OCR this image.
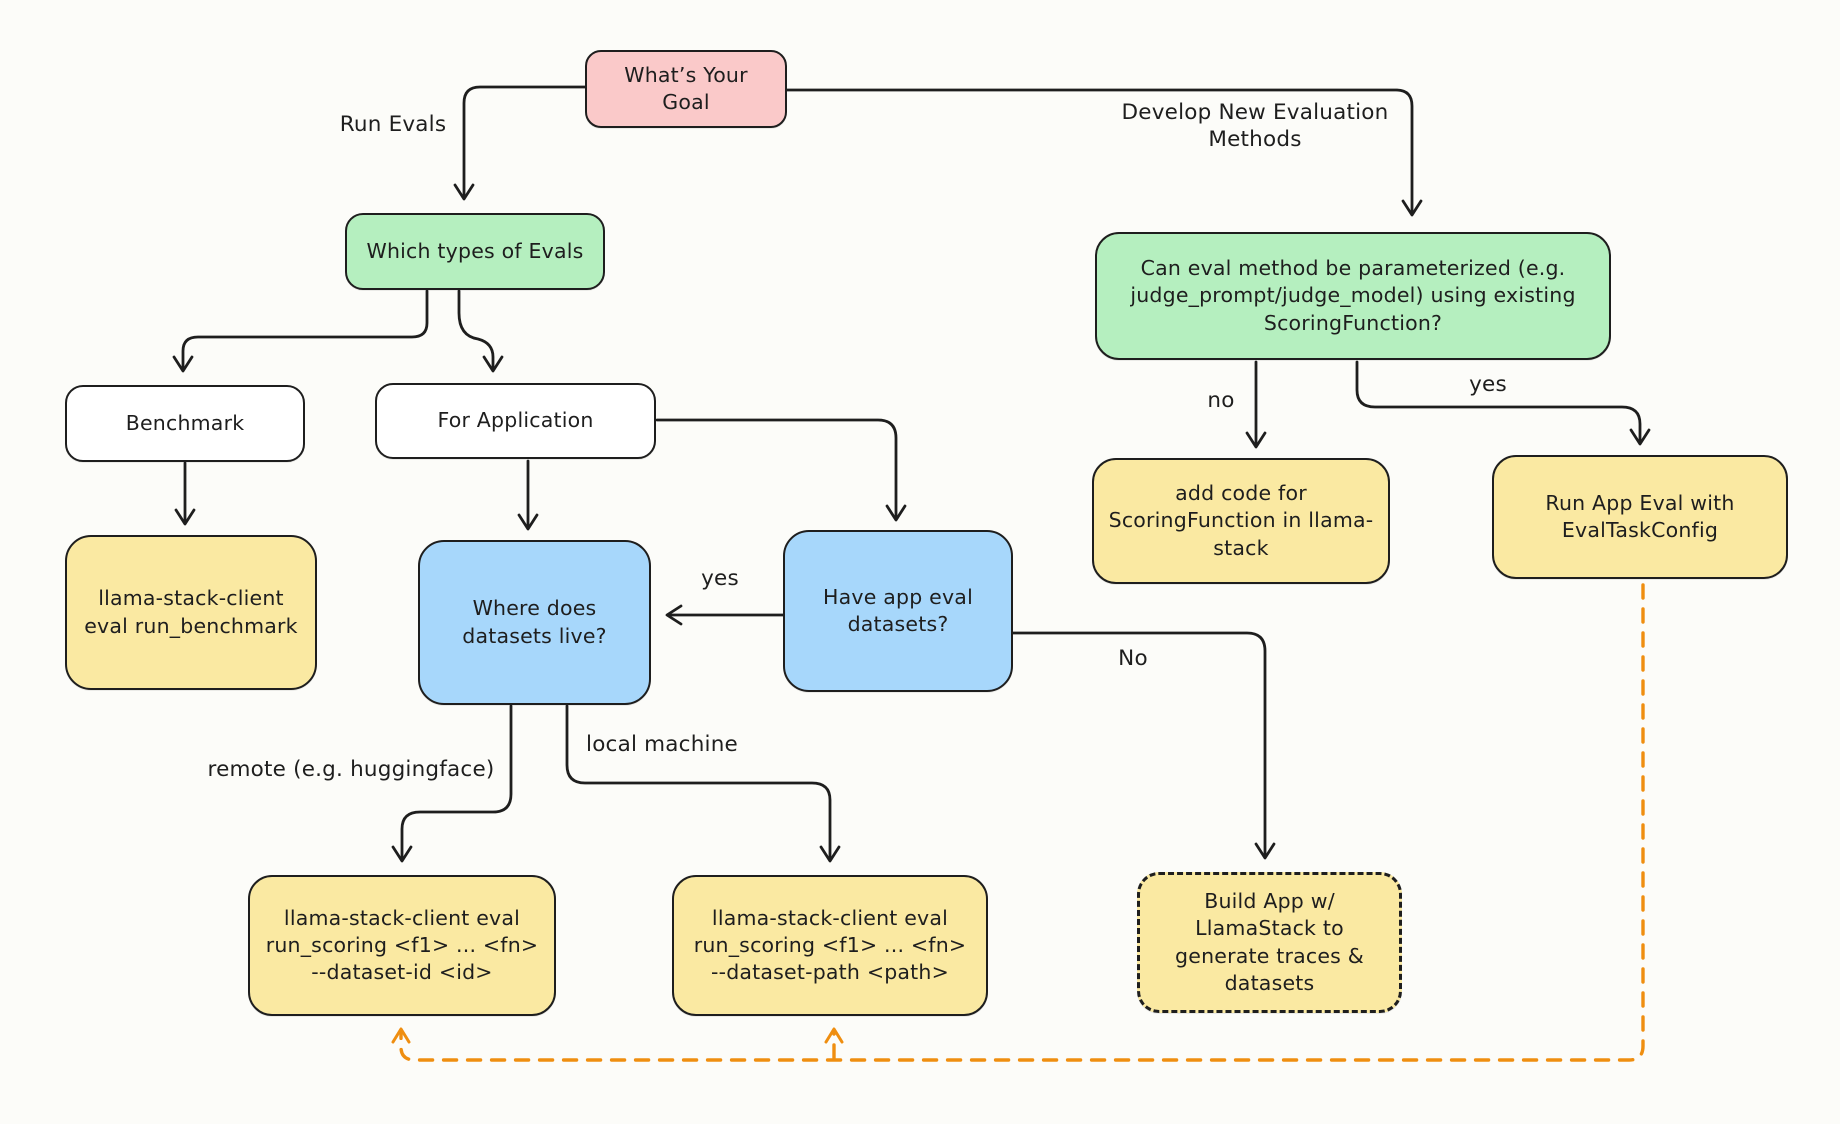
What’s Your Goal
Which types of Evals
Benchmark	For Application
llama-stack-client eval run_benchmark
Where does datasets live?
Have app eval datasets?
llama-stack-client eval run_scoring <f1> ... <fn> --dataset-id <id>
llama-stack-client eval run_scoring <f1> ... <fn> --dataset-path <path>
Build App w/ LlamaStack to generate traces & datasets
Can eval method be parameterized (e.g. judge_prompt/judge_model) using existing ScoringFunction?
add code for ScoringFunction in llama-stack
Run App Eval with EvalTaskConfig
Run Evals	Develop New Evaluation Methods
no
yes
yes
No
remote (e.g. huggingface)
local machine
